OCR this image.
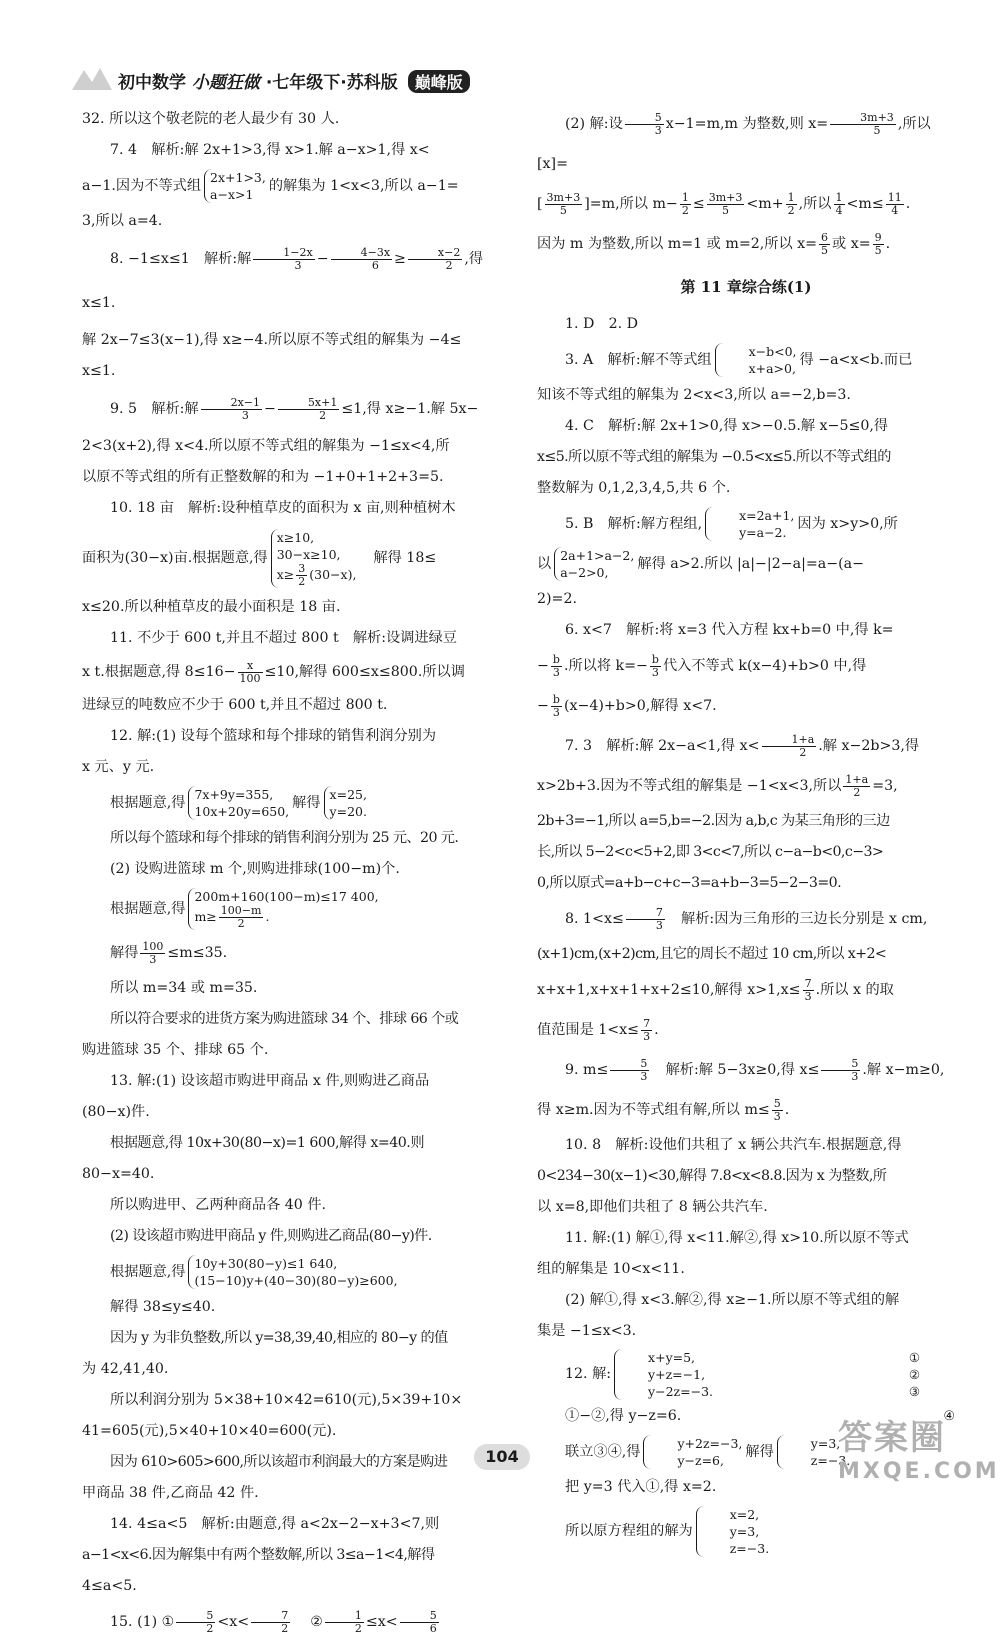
初中数学 小题狂做 ·七年级下·苏科版 巅峰版

32. 所以这个敬老院的老人最少有 30 人.

7. 4　解析:解 2x+1>3,得 x>1.解 a−x>1,得 x<

a−1.因为不等式组
2x+1>3,
a−x>1
的解集为 1<x<3,所以 a−1=

3,所以 a=4.

8. −1≤x≤1　解析:解 $\frac{1-2x}{3} - \frac{4-3x}{6} \ge \frac{x-2}{2}$ ,得 x≤1.

解 2x−7≤3(x−1),得 x≥−4.所以原不等式组的解集为 −4≤

x≤1.

9. 5　解析:解 $\frac{2x-1}{3} - \frac{5x+1}{2} \le 1$,得 x≥−1.解 5x−

2<3(x+2),得 x<4.所以原不等式组的解集为 −1≤x<4,所

以原不等式组的所有正整数解的和为 −1+0+1+2+3=5.

10. 18 亩　解析:设种植草皮的面积为 x 亩,则种植树木

面积为(30−x)亩.根据题意,得
x≥10,
30−x≥10,
$x\ge \frac{3}{2} (30-x)$,
解得 18≤

x≤20.所以种植草皮的最小面积是 18 亩.

11. 不少于 600 t,并且不超过 800 t　解析:设调进绿豆

x t.根据题意,得 $8\le 16- \frac{x}{100} \le 10$,解得 600≤x≤800.所以调

进绿豆的吨数应不少于 600 t,并且不超过 800 t.

12. 解:(1) 设每个篮球和每个排球的销售利润分别为

x 元、y 元.

根据题意,得
7x+9y=355,
10x+20y=650,
解得
x=25,
y=20.

所以每个篮球和每个排球的销售利润分别为 25 元、20 元.

(2) 设购进篮球 m 个,则购进排球(100−m)个.

根据题意,得
200m+160(100−m)≤17 400,
$m\ge \frac{100-m}{2}$ .

解得 $\frac{100}{3} \le m\le 35$.

所以 m=34 或 m=35.

所以符合要求的进货方案为购进篮球 34 个、排球 66 个或

购进篮球 35 个、排球 65 个.

13. 解:(1) 设该超市购进甲商品 x 件,则购进乙商品

(80−x)件.

根据题意,得 10x+30(80−x)=1 600,解得 x=40.则

80−x=40.

所以购进甲、乙两种商品各 40 件.

(2) 设该超市购进甲商品 y 件,则购进乙商品(80−y)件.

根据题意,得
10y+30(80−y)≤1 640,
(15−10)y+(40−30)(80−y)≥600,

解得 38≤y≤40.

因为 y 为非负整数,所以 y=38,39,40,相应的 80−y 的值

为 42,41,40.

所以利润分别为 5×38+10×42=610(元),5×39+10×

41=605(元),5×40+10×40=600(元).

因为 610>605>600,所以该超市利润最大的方案是购进

甲商品 38 件,乙商品 42 件.

14. 4≤a<5　解析:由题意,得 a<2x−2−x+3<7,则

a−1<x<6.因为解集中有两个整数解,所以 3≤a−1<4,解得

4≤a<5.

15. (1) ① $\frac{5}{2} <x< \frac{7}{2}$ ② $\frac{1}{2} \le x< \frac{5}{6}$

(2) 解:设 $\frac{5}{3} x-1=m,m$ 为整数,则 $x= \frac{3m+3}{5}$ ,所以[x]=

[ $\frac{3m+3}{5} ]=m$,所以 $m- \frac{1}{2} \le \frac{3m+3}{5} <m+ \frac{1}{2}$ ,所以 $\frac{1}{4} <m\le \frac{11}{4}$ .

因为 m 为整数,所以 m=1 或 m=2,所以 $x= \frac{6}{5}$ 或 $x= \frac{9}{5}$ .

第 11 章综合练(1)

1. D　2. D

3. A　解析:解不等式组
x−b<0,
x+a>0,
得 −a<x<b.而已

知该不等式组的解集为 2<x<3,所以 a=−2,b=3.

4. C　解析:解 2x+1>0,得 x>−0.5.解 x−5≤0,得

x≤5.所以原不等式组的解集为 −0.5<x≤5.所以不等式组的

整数解为 0,1,2,3,4,5,共 6 个.

5. B　解析:解方程组,
x=2a+1,
y=a−2.
因为 x>y>0,所

以
2a+1>a−2,
a−2>0,
解得 a>2.所以 |a|−|2−a|=a−(a−

2)=2.

6. x<7　解析:将 x=3 代入方程 kx+b=0 中,得 k=

− $\frac{b}{3}$ .所以将 $k=- \frac{b}{3}$ 代入不等式 k(x−4)+b>0 中,得

− $\frac{b}{3} (x-4)+b>0$,解得 x<7.

7. 3　解析:解 2x−a<1,得 $x< \frac{1+a}{2}$ .解 x−2b>3,得

x>2b+3.因为不等式组的解集是 −1<x<3,所以 $\frac{1+a}{2} =3$,

2b+3=−1,所以 a=5,b=−2.因为 a,b,c 为某三角形的三边

长,所以 5−2<c<5+2,即 3<c<7,所以 c−a−b<0,c−3>

0,所以原式=a+b−c+c−3=a+b−3=5−2−3=0.

8. $1<x\le \frac{7}{3}$ 　解析:因为三角形的三边长分别是 x cm,

(x+1)cm,(x+2)cm,且它的周长不超过 10 cm,所以 x+2<

x+x+1,x+x+1+x+2≤10,解得 $x>1,x\le \frac{7}{3}$ .所以 x 的取

值范围是 $1<x\le \frac{7}{3}$ .

9. $m\le \frac{5}{3}$ 　解析:解 5−3x≥0,得 $x\le \frac{5}{3}$ .解 x−m≥0,

得 x≥m.因为不等式组有解,所以 $m\le \frac{5}{3}$ .

10. 8　解析:设他们共租了 x 辆公共汽车.根据题意,得

0<234−30(x−1)<30,解得 7.8<x<8.8.因为 x 为整数,所

以 x=8,即他们共租了 8 辆公共汽车.

11. 解:(1) 解①,得 x<11.解②,得 x>10.所以原不等式

组的解集是 10<x<11.

(2) 解①,得 x<3.解②,得 x≥−1.所以原不等式组的解

集是 −1≤x<3.

12. 解:
x+y=5,	①
y+z=−1,	②
y−2z=−3.	③
①−②,得 y−z=6.	④

联立③④,得
y+2z=−3,
y−z=6,
解得
y=3,
z=−3.

把 y=3 代入①,得 x=2.

所以原方程组的解为
x=2,
y=3,
z=−3.

104	答案圈
MXQE.COM
